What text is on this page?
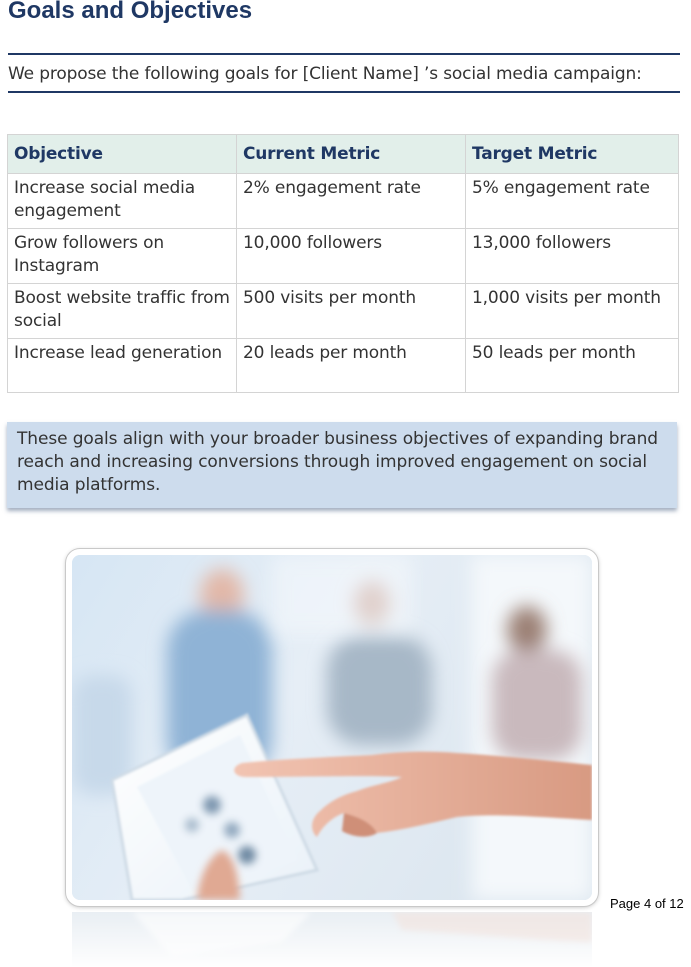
Goals and Objectives
We propose the following goals for [Client Name] ’s social media campaign:
Objective	Current Metric	Target Metric
Increase social media engagement	2% engagement rate	5% engagement rate
Grow followers on Instagram	10,000 followers	13,000 followers
Boost website traffic from social	500 visits per month	1,000 visits per month
Increase lead generation	20 leads per month	50 leads per month
These goals align with your broader business objectives of expanding brand reach and increasing conversions through improved engagement on social media platforms.
Page 4 of 12
